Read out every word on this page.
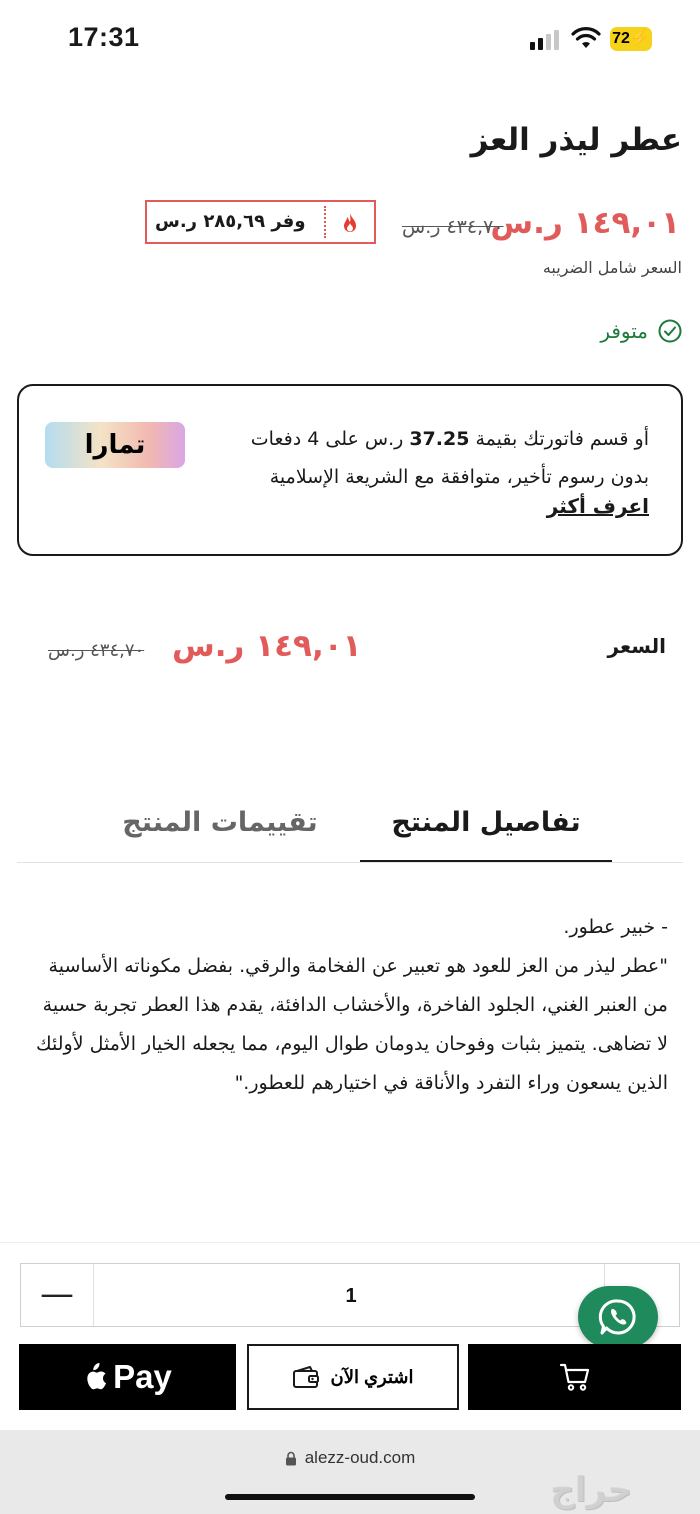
17:31	72⚡
عطر ليذر العز
١٤٩,٠١ ر.س
٤٣٤,٧٠ ر.س
وفر ٢٨٥,٦٩ ر.س
السعر شامل الضريبه
متوفر
أو قسم فاتورتك بقيمة 37.25 ر.س على 4 دفعات
بدون رسوم تأخير، متوافقة مع الشريعة الإسلامية
اعرف أكثر
تمارا
السعر
١٤٩,٠١ ر.س
٤٣٤,٧٠ ر.س
تقييمات المنتج	تفاصيل المنتج

- خبير عطور.

"عطر ليذر من العز للعود هو تعبير عن الفخامة والرقي. بفضل مكوناته الأساسية من العنبر الغني، الجلود الفاخرة، والأخشاب الدافئة، يقدم هذا العطر تجربة حسية لا تضاهى. يتميز بثبات وفوحان يدومان طوال اليوم، مما يجعله الخيار الأمثل لأولئك الذين يسعون وراء التفرد والأناقة في اختيارهم للعطور."

—
1
Pay	اشتري الآن
alezz-oud.com
حراج
